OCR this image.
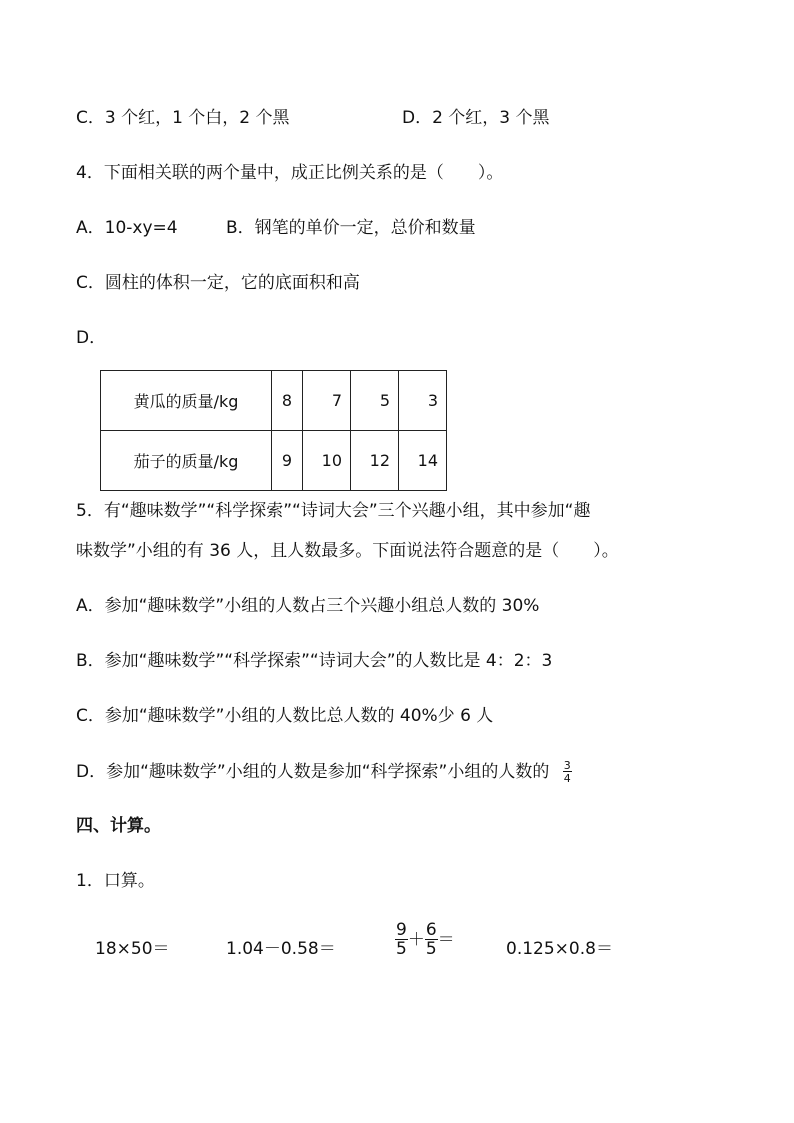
C．3 个红，1 个白，2 个黑	D．2 个红，3 个黑
4．下面相关联的两个量中，成正比例关系的是（　　）。
A．10-xy=4	B．钢笔的单价一定，总价和数量
C．圆柱的体积一定，它的底面积和高
D．
黄瓜的质量/kg	8	7	5	3
茄子的质量/kg	9	10	12	14
5．有“趣味数学”“科学探索”“诗词大会”三个兴趣小组，其中参加“趣
味数学”小组的有 36 人，且人数最多。下面说法符合题意的是（　　）。
A．参加“趣味数学”小组的人数占三个兴趣小组总人数的 30%
B．参加“趣味数学”“科学探索”“诗词大会”的人数比是 4：2：3
C．参加“趣味数学”小组的人数比总人数的 40%少 6 人
D．参加“趣味数学”小组的人数是参加“科学探索”小组的人数的 $\frac{3}{4}$
四、计算。
1．口算。
18×50＝	1.04－0.58＝	$\frac{9}{5} + \frac{6}{5}$ ＝	0.125×0.8＝
